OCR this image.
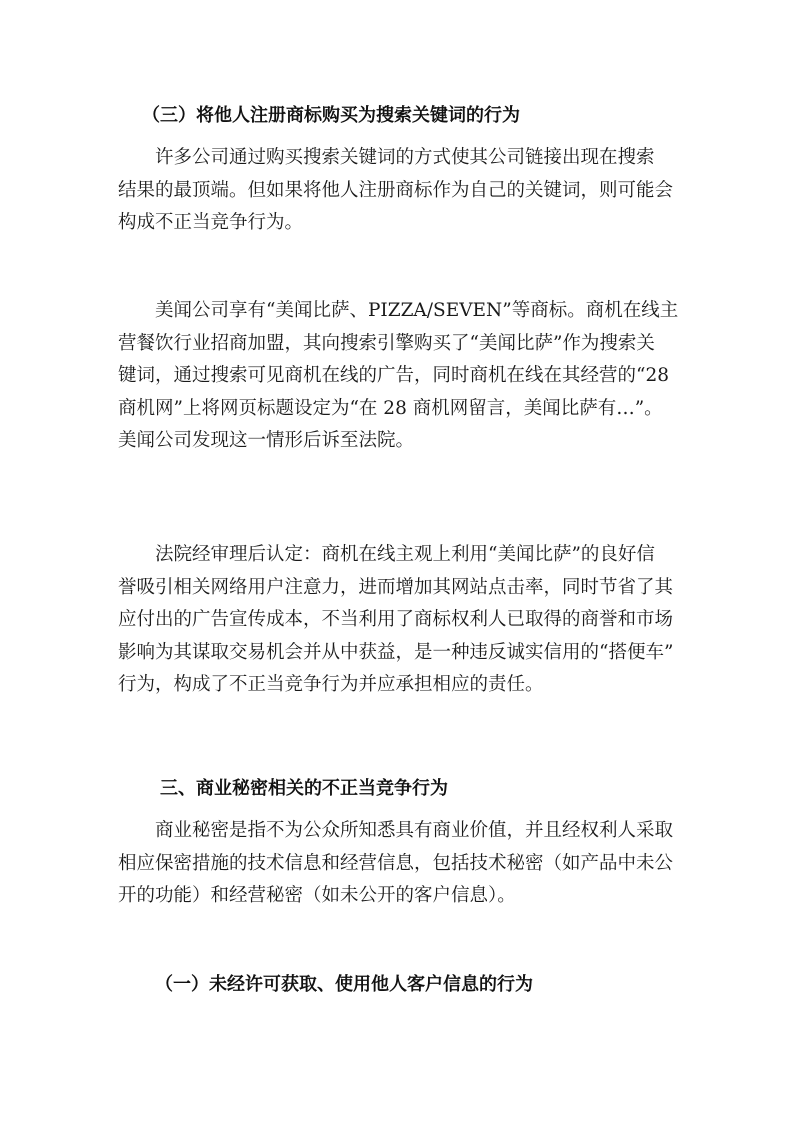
（三）将他人注册商标购买为搜索关键词的行为
许多公司通过购买搜索关键词的方式使其公司链接出现在搜索
结果的最顶端。但如果将他人注册商标作为自己的关键词，则可能会
构成不正当竞争行为。
美闻公司享有“美闻比萨、PIZZA/SEVEN”等商标。商机在线主
营餐饮行业招商加盟，其向搜索引擎购买了“美闻比萨”作为搜索关
键词，通过搜索可见商机在线的广告，同时商机在线在其经营的“28
商机网”上将网页标题设定为“在 28 商机网留言，美闻比萨有…”。
美闻公司发现这一情形后诉至法院。
法院经审理后认定：商机在线主观上利用“美闻比萨”的良好信
誉吸引相关网络用户注意力，进而增加其网站点击率，同时节省了其
应付出的广告宣传成本，不当利用了商标权利人已取得的商誉和市场
影响为其谋取交易机会并从中获益，是一种违反诚实信用的“搭便车”
行为，构成了不正当竞争行为并应承担相应的责任。
三、商业秘密相关的不正当竞争行为
商业秘密是指不为公众所知悉具有商业价值，并且经权利人采取
相应保密措施的技术信息和经营信息，包括技术秘密（如产品中未公
开的功能）和经营秘密（如未公开的客户信息）。
（一）未经许可获取、使用他人客户信息的行为
